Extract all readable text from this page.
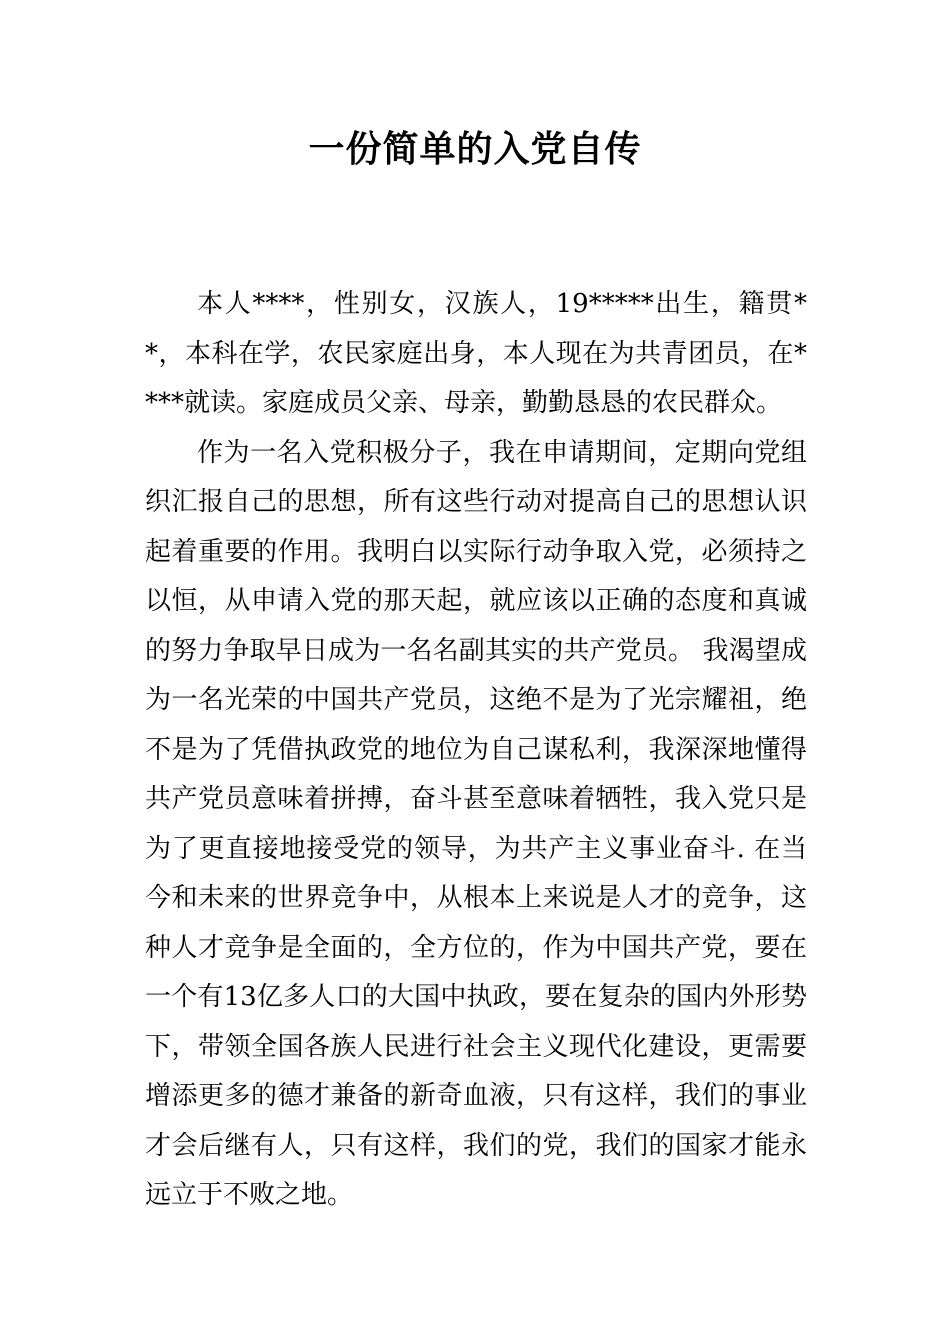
一份简单的入党自传

本人****，性别女，汉族人，19*****出生，籍贯**，本科在学，农民家庭出身，本人现在为共青团员，在****就读。家庭成员父亲、母亲，勤勤恳恳的农民群众。

作为一名入党积极分子，我在申请期间，定期向党组织汇报自己的思想，所有这些行动对提高自己的思想认识起着重要的作用。我明白以实际行动争取入党，必须持之以恒，从申请入党的那天起，就应该以正确的态度和真诚的努力争取早日成为一名名副其实的共产党员。 我渴望成为一名光荣的中国共产党员，这绝不是为了光宗耀祖，绝不是为了凭借执政党的地位为自己谋私利，我深深地懂得共产党员意味着拼搏，奋斗甚至意味着牺牲，我入党只是为了更直接地接受党的领导，为共产主义事业奋斗. 在当今和未来的世界竞争中，从根本上来说是人才的竞争，这种人才竞争是全面的，全方位的，作为中国共产党，要在一个有13亿多人口的大国中执政，要在复杂的国内外形势下，带领全国各族人民进行社会主义现代化建设，更需要增添更多的德才兼备的新奇血液，只有这样，我们的事业才会后继有人，只有这样，我们的党，我们的国家才能永远立于不败之地。
